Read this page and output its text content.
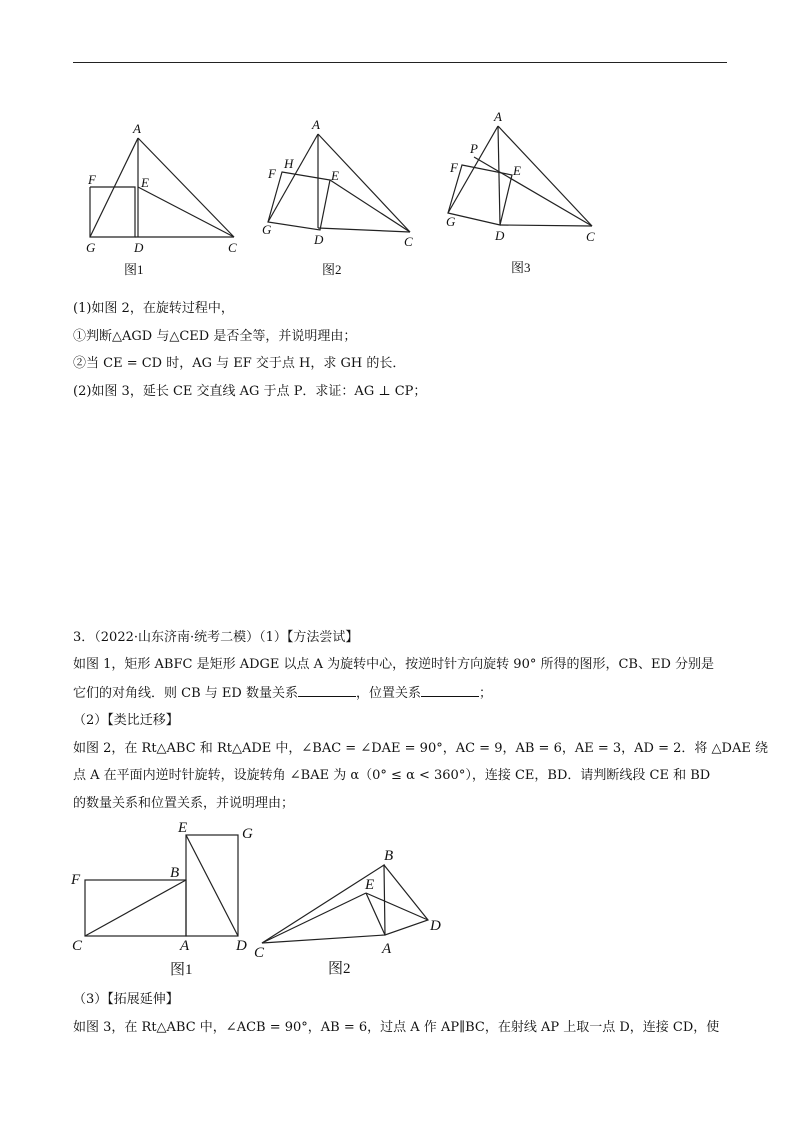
A
F	E
G	D	C
图1
A
H
F	E
G
D	C
图2
A
P
F	E
G
D	C
图3
(1)如图 2，在旋转过程中，
①判断△AGD 与△CED 是否全等，并说明理由；
②当 CE = CD 时，AG 与 EF 交于点 H，求 GH 的长．
(2)如图 3，延长 CE 交直线 AG 于点 P．求证：AG ⊥ CP；
3．（2022·山东济南·统考二模）（1）【方法尝试】
如图 1，矩形 ABFC 是矩形 ADGE 以点 A 为旋转中心，按逆时针方向旋转 90° 所得的图形，CB、ED 分别是
它们的对角线．则 CB 与 ED 数量关系	，位置关系	；
（2）【类比迁移】
如图 2，在 Rt△ABC 和 Rt△ADE 中，∠BAC = ∠DAE = 90°，AC = 9，AB = 6，AE = 3，AD = 2．将 △DAE 绕
点 A 在平面内逆时针旋转，设旋转角 ∠BAE 为 α（0° ≤ α < 360°），连接 CE，BD．请判断线段 CE 和 BD
的数量关系和位置关系，并说明理由；
E	G
F	B
C	A	D
图1
B
E
C	A
D
图2
（3）【拓展延伸】
如图 3，在 Rt△ABC 中，∠ACB = 90°，AB = 6，过点 A 作 AP∥BC，在射线 AP 上取一点 D，连接 CD，使
